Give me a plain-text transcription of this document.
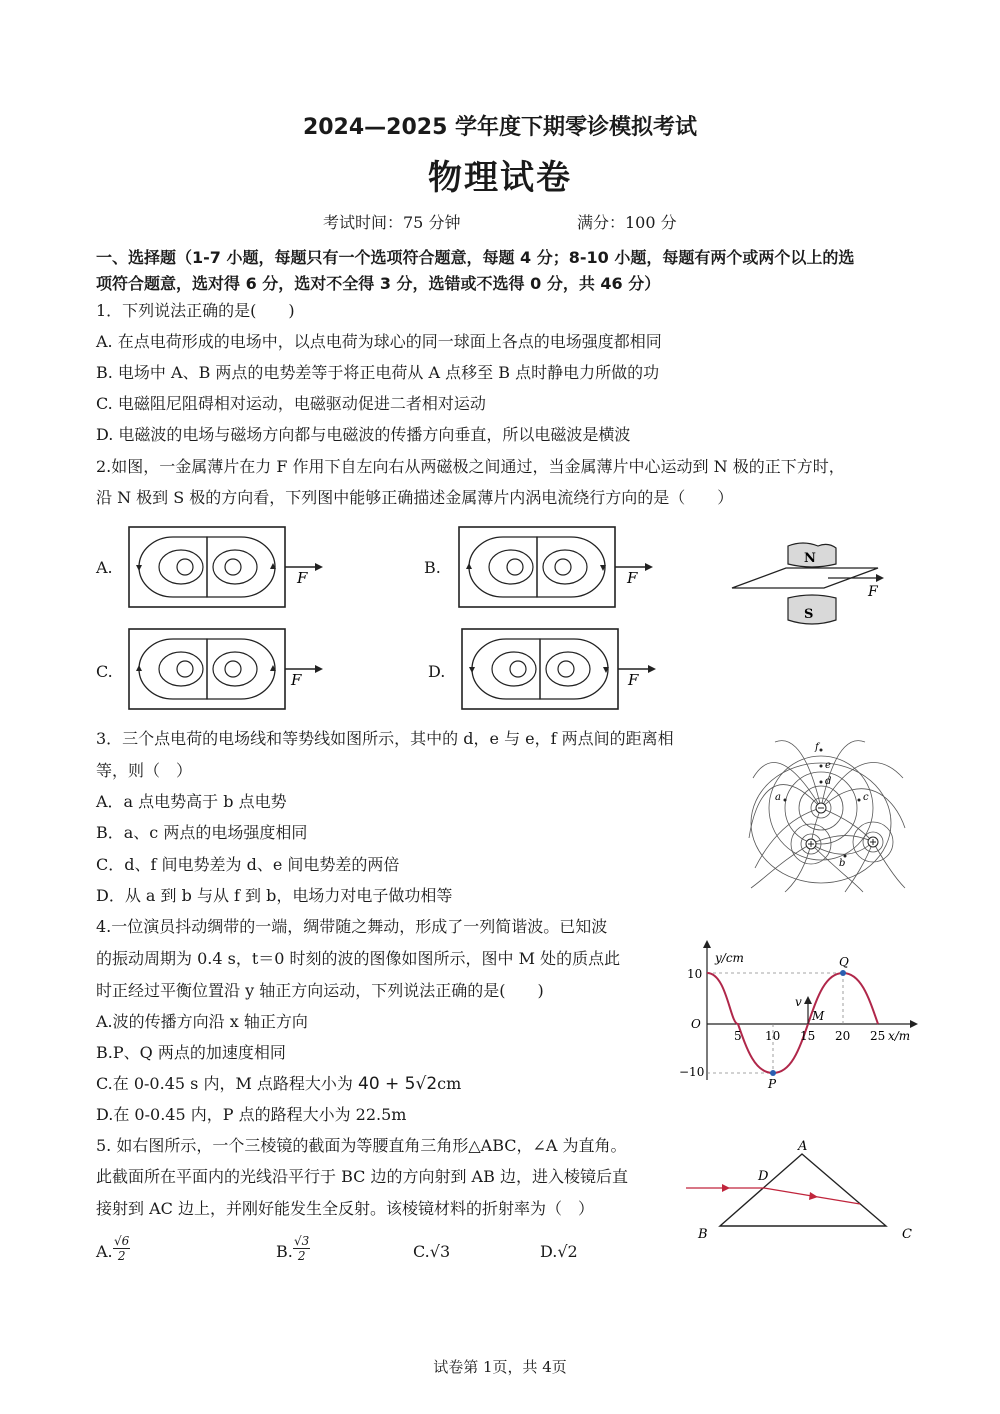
2024—2025 学年度下期零诊模拟考试
物理试卷
考试时间：75 分钟	满分：100 分
一、选择题（1-7 小题，每题只有一个选项符合题意，每题 4 分；8-10 小题，每题有两个或两个以上的选
项符合题意，选对得 6 分，选对不全得 3 分，选错或不选得 0 分，共 46 分）
1．下列说法正确的是(　　)
A. 在点电荷形成的电场中，以点电荷为球心的同一球面上各点的电场强度都相同
B. 电场中 A、B 两点的电势差等于将正电荷从 A 点移至 B 点时静电力所做的功
C. 电磁阻尼阻碍相对运动，电磁驱动促进二者相对运动
D. 电磁波的电场与磁场方向都与电磁波的传播方向垂直，所以电磁波是横波
2.如图，一金属薄片在力 F 作用下自左向右从两磁极之间通过，当金属薄片中心运动到 N 极的正下方时，
沿 N 极到 S 极的方向看，下列图中能够正确描述金属薄片内涡电流绕行方向的是（　　）
A.	B.
C.	D.
F	F
F	F
N
F
S
3．三个点电荷的电场线和等势线如图所示，其中的 d，e 与 e，f 两点间的距离相
等，则（　）
A．a 点电势高于 b 点电势
B．a、c 两点的电场强度相同
C．d、f 间电势差为 d、e 间电势差的两倍
D．从 a 到 b 与从 f 到 b，电场力对电子做功相等
f
e
d
a	c
b
4.一位演员抖动绸带的一端，绸带随之舞动，形成了一列简谐波。已知波
的振动周期为 0.4 s，t＝0 时刻的波的图像如图所示，图中 M 处的质点此
时正经过平衡位置沿 y 轴正方向运动，下列说法正确的是(　　)
A.波的传播方向沿 x 轴正方向
B.P、Q 两点的加速度相同
C.在 0-0.45 s 内，M 点路程大小为 40 + 5√2cm
D.在 0-0.45 内，P 点的路程大小为 22.5m
y/cm
x/m
10
O
−10
5 10 15 20 25
P
Q
M
v
5. 如右图所示，一个三棱镜的截面为等腰直角三角形△ABC，∠A 为直角。
此截面所在平面内的光线沿平行于 BC 边的方向射到 AB 边，进入棱镜后直
接射到 AC 边上，并刚好能发生全反射。该棱镜材料的折射率为（　）
A.
√6
2	B.
√3
2	C.√3	D.√2
A
B	C
D
试卷第 1页，共 4页
